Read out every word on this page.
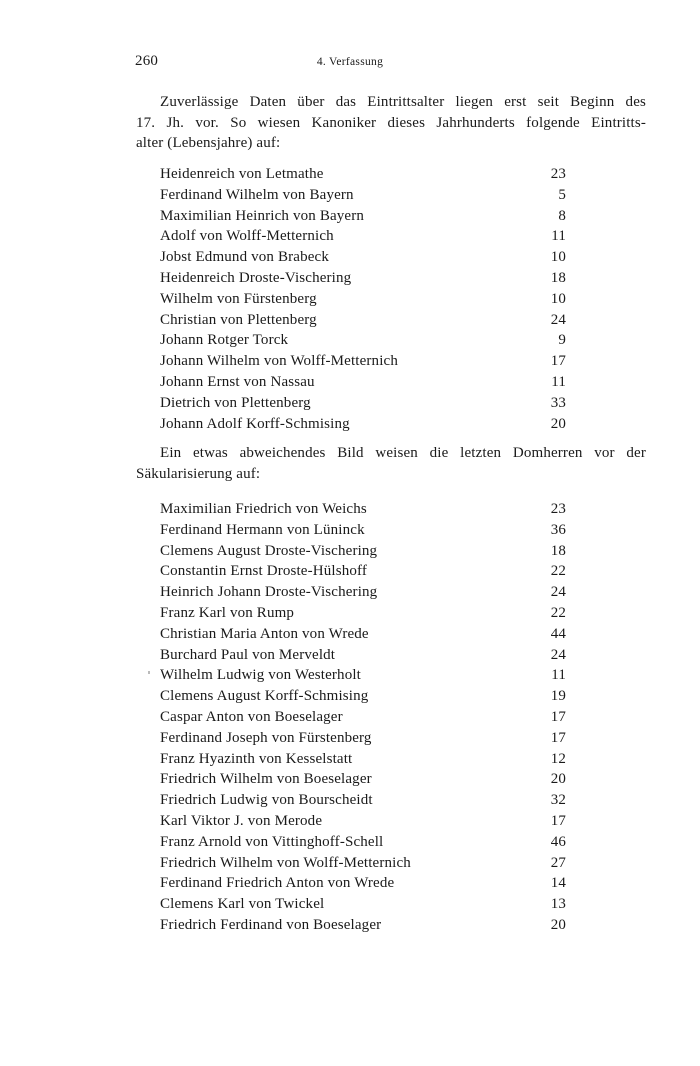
260	4. Verfassung
Zuverlässige Daten über das Eintrittsalter liegen erst seit Beginn des
17. Jh. vor. So wiesen Kanoniker dieses Jahrhunderts folgende Eintritts-
alter (Lebensjahre) auf:
Heidenreich von Letmathe	23
Ferdinand Wilhelm von Bayern	5
Maximilian Heinrich von Bayern	8
Adolf von Wolff-Metternich	11
Jobst Edmund von Brabeck	10
Heidenreich Droste-Vischering	18
Wilhelm von Fürstenberg	10
Christian von Plettenberg	24
Johann Rotger Torck	9
Johann Wilhelm von Wolff-Metternich	17
Johann Ernst von Nassau	11
Dietrich von Plettenberg	33
Johann Adolf Korff-Schmising	20
Ein etwas abweichendes Bild weisen die letzten Domherren vor der
Säkularisierung auf:
Maximilian Friedrich von Weichs	23
Ferdinand Hermann von Lüninck	36
Clemens August Droste-Vischering	18
Constantin Ernst Droste-Hülshoff	22
Heinrich Johann Droste-Vischering	24
Franz Karl von Rump	22
Christian Maria Anton von Wrede	44
Burchard Paul von Merveldt	24
Wilhelm Ludwig von Westerholt	11
Clemens August Korff-Schmising	19
Caspar Anton von Boeselager	17
Ferdinand Joseph von Fürstenberg	17
Franz Hyazinth von Kesselstatt	12
Friedrich Wilhelm von Boeselager	20
Friedrich Ludwig von Bourscheidt	32
Karl Viktor J. von Merode	17
Franz Arnold von Vittinghoff-Schell	46
Friedrich Wilhelm von Wolff-Metternich	27
Ferdinand Friedrich Anton von Wrede	14
Clemens Karl von Twickel	13
Friedrich Ferdinand von Boeselager	20
